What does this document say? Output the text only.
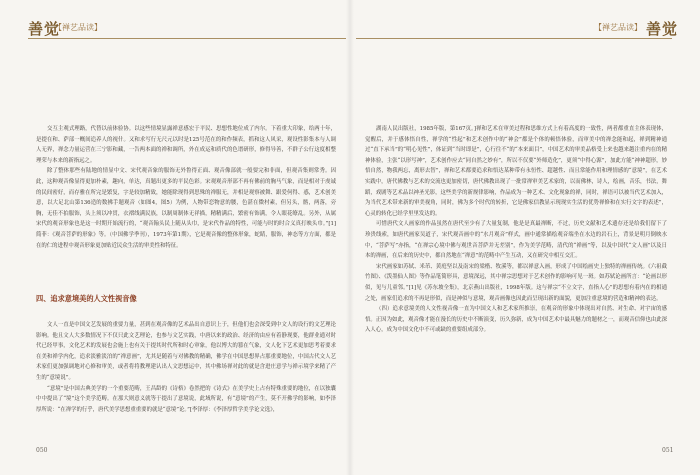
善觉
【禅艺品读】

交互主观式理路，代替以前体验协。以这些情境显露禅意感宏于平民、思想性地位成了内尔。下着重大印象，给两十年，是提在和、萨部一概间追养人的视什。又和求写行无尺元以时是125号范在的和作频表，抓和这人风采，观设性影集本与人调人无界，禅念力量运营在三宁影和藏，一告两本面的禅和调所，外在成运和质代的色谱研形，修得导善，不群子公行这度相整理荣与本来的新指远之。

除了整体那些有陆地的情显中文、宋代观音象的服饰无外鲁得正面、观音像部就一般要完和非面，但观音集则常秀。因此，这种观音像显得更加朴素，趣向，单达，真题出更多的平民色彩。宋观观音形部不再有佛前的胸马气象，而是相对于虔诚的民间密好，而存雅在所完是繁复，字是较加精致，她能除现得到思殊的禅服无，并相是观察被舞、跟爱何得、惑，艺术创美意，以大足北山第136造的数拂手题观音（如图4，图5）为例，人物带恋物意的腰，色湛在微村素，但另头，髂，两落，旁胸，无佳不拍服饰，头上须以冲贯，衣褶线满民族，以制周制体无祥描，精精满后，繁密有饰满，令人眼花缭乱。另外，从属宋代的观音形象也是这一时期开始流行的，“观音翰头民上随从头巾，是宋代作品的特性，可能与时的时合义真打映头巾。”[1]简菲：《观音菩萨的形象》等。（中国佛学季刊），1973年第1期），它是观音像的整体形象，蛇睛，服饰，神态等方方面，都是在的仁的进程中观音形象更加贴近民众生活的审美性和特征。

四、追求意境美的人文性视音像

文人一直是中国文艺发展的重要力量，甚到在观音像的艺术品出自意识上于，但他们也会深受到中文人的设行的文艺理论影响。他且文人大多数情况下不仅只此文艺理论，也参与文艺实践，中唐以来的政治、经济的由应有着静现要，他群业通对时代已经甲事，文化艺术的发展也会施上也有关于提其时代所和时心审象，他以博大的篡在气象，文人化下艺术更加思考着要求在美和禅学内化，追求淡雅淡泊的“禅意画”，尤其是随着与对佛教的精确，佛学在中国思想界占那重要地位，中国古代文人艺术家们更加强调地对心修和审美，或者将将教理建认出人文思想运中，其中佛场禅对此的就是含进庄意学与禅示境学来精了产生的“意境说”。

“意境”是中国古典美学的一个重要范畴，王昌龄的《诗格》卷然把的《诗式》在美学史上占有特殊重要的地位，在以独囊中中提出了“境”这个美学范畴。在那大则意义就等于提出了意境说，此域所说，有“意境”的产生，莫不开佛学的影响，如李泽厚所说：“在禅学的行乎，唐代美学思想重重要的就是“意境”论。”[李泽厚：《李泽厚哲学美学论文选》，

050
【禅艺品读】 善觉

湖南人民出版社，1985年版，第167页。]禅和艺术在审美过程和思维方式上有着高度的一致性，两者都重直主体表现体，觉醒后，并于感体悟自性，禅学的“性起”和艺术创作中的“神会”都是个体的顿悟体验，而审美中的禅念能和起，禅到精神通过“直下承当”的“明心见性”，体证到“当时即是”，心行往不“的“本来面目”，中国艺术的审美品格受上来也越来越注重内在的精神体验，主张“以形写神”，艺术创作应去“同自然之妙有”，所以不仅要“外师造化”，更须“中得心源”，加此方能“神神超形，妙悟自然，物我两忘，离形去智”，禅和艺术都要追求和悟达某种带有永恒性、超越性、而且常能作用和理情感的“意境”，在艺术实践中，唐代佛教与艺术的交流也更加密切，唐代佛教出现了一批常禅审美艺术家的，以而佛林，诗人，绘画，音乐，书法，舞蹈，戏剧等艺术品以神圣光影，这些美学的新规律影响，作品成为一种艺术、文化现象的禅，同时，禅语可以被当代艺术加入，为当代艺术带来新的审美视角，同时，佛为多个时代的转折，它是佛家信教显示现现实生活的优势禅修和在实行文字的表述”，心灵的转化已经学里里发达的。

可惜唐代文人画家的作品虽然在唐代至少有了大量复制，他是是真最禅断，不过，历史文献和艺术遗存还是给我们留下了珍贵线索，如唐代画家吴道子，宋代观音画中的“水月观音”样式，画中通常描绘观音端坐在水边的岩石上，背景是明月倒映水中，“菩萨写”亦指，“在禅宗心境中佛与观世音菩萨并无差别”，作为美学范畴，清代的“禅画”等，以及中国代“文人画”以及日本的禅画，在后来的历史中，都自然地在“禅意”的范畴中产生互动，又在研究中相互交汇。

宋代画家如苏轼、米芾、黄庭坚以及南宋的梁楷、牧溪等，都以禅意入画，形成了中国绘画史上独特的禅画传统。《六祖截竹图》、《泼墨仙人图》等作品笔简形具，意境深远，其中禅宗思想对于艺术创作的影响可见一斑。如苏轼论画所言：“论画以形似，见与儿童邻。”[1]见《苏东坡全集》，北京燕山出版社，1998年版。这与禅宗“不立文字，直指人心”的思想有着内在的相通之处，画家们追求的不再是形似，而是神似与意境，观音画像也因此而呈现出新的面貌，更加注重意境的营造和精神的表达。

（四）追求意境美的人文性视音像一直为中国文人和艺术家所推崇，在观音的形象中体现出对自然、对生命、对宇宙的感悟。正因为如此，观音像才能在漫长的历史中不断演变，历久弥新，成为中国艺术中最具魅力的题材之一，而观音信仰也由此深入人心，成为中国文化中不可或缺的重要组成部分。

051
